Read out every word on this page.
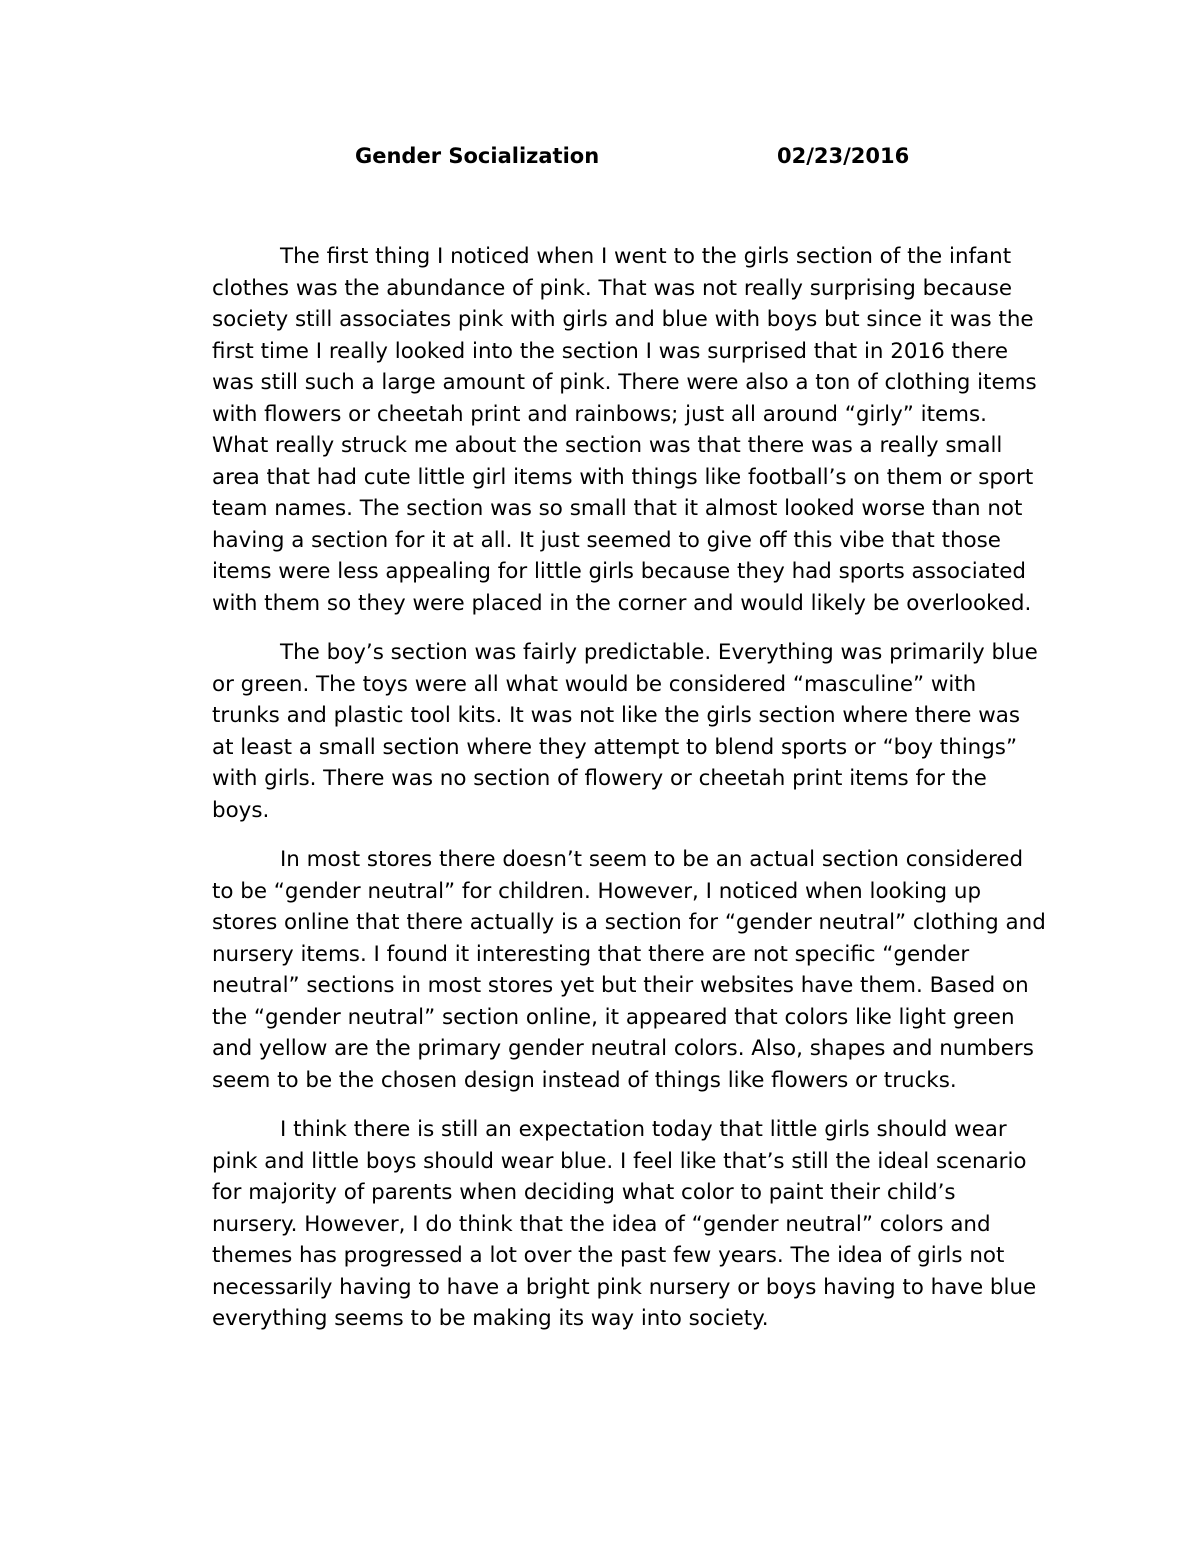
Gender Socialization	02/23/2016
The first thing I noticed when I went to the girls section of the infant
clothes was the abundance of pink. That was not really surprising because
society still associates pink with girls and blue with boys but since it was the
first time I really looked into the section I was surprised that in 2016 there
was still such a large amount of pink. There were also a ton of clothing items
with flowers or cheetah print and rainbows; just all around “girly” items.
What really struck me about the section was that there was a really small
area that had cute little girl items with things like football’s on them or sport
team names. The section was so small that it almost looked worse than not
having a section for it at all. It just seemed to give off this vibe that those
items were less appealing for little girls because they had sports associated
with them so they were placed in the corner and would likely be overlooked.
The boy’s section was fairly predictable. Everything was primarily blue
or green. The toys were all what would be considered “masculine” with
trunks and plastic tool kits. It was not like the girls section where there was
at least a small section where they attempt to blend sports or “boy things”
with girls. There was no section of flowery or cheetah print items for the
boys.
In most stores there doesn’t seem to be an actual section considered
to be “gender neutral” for children. However, I noticed when looking up
stores online that there actually is a section for “gender neutral” clothing and
nursery items. I found it interesting that there are not specific “gender
neutral” sections in most stores yet but their websites have them. Based on
the “gender neutral” section online, it appeared that colors like light green
and yellow are the primary gender neutral colors. Also, shapes and numbers
seem to be the chosen design instead of things like flowers or trucks.
I think there is still an expectation today that little girls should wear
pink and little boys should wear blue. I feel like that’s still the ideal scenario
for majority of parents when deciding what color to paint their child’s
nursery. However, I do think that the idea of “gender neutral” colors and
themes has progressed a lot over the past few years. The idea of girls not
necessarily having to have a bright pink nursery or boys having to have blue
everything seems to be making its way into society.
